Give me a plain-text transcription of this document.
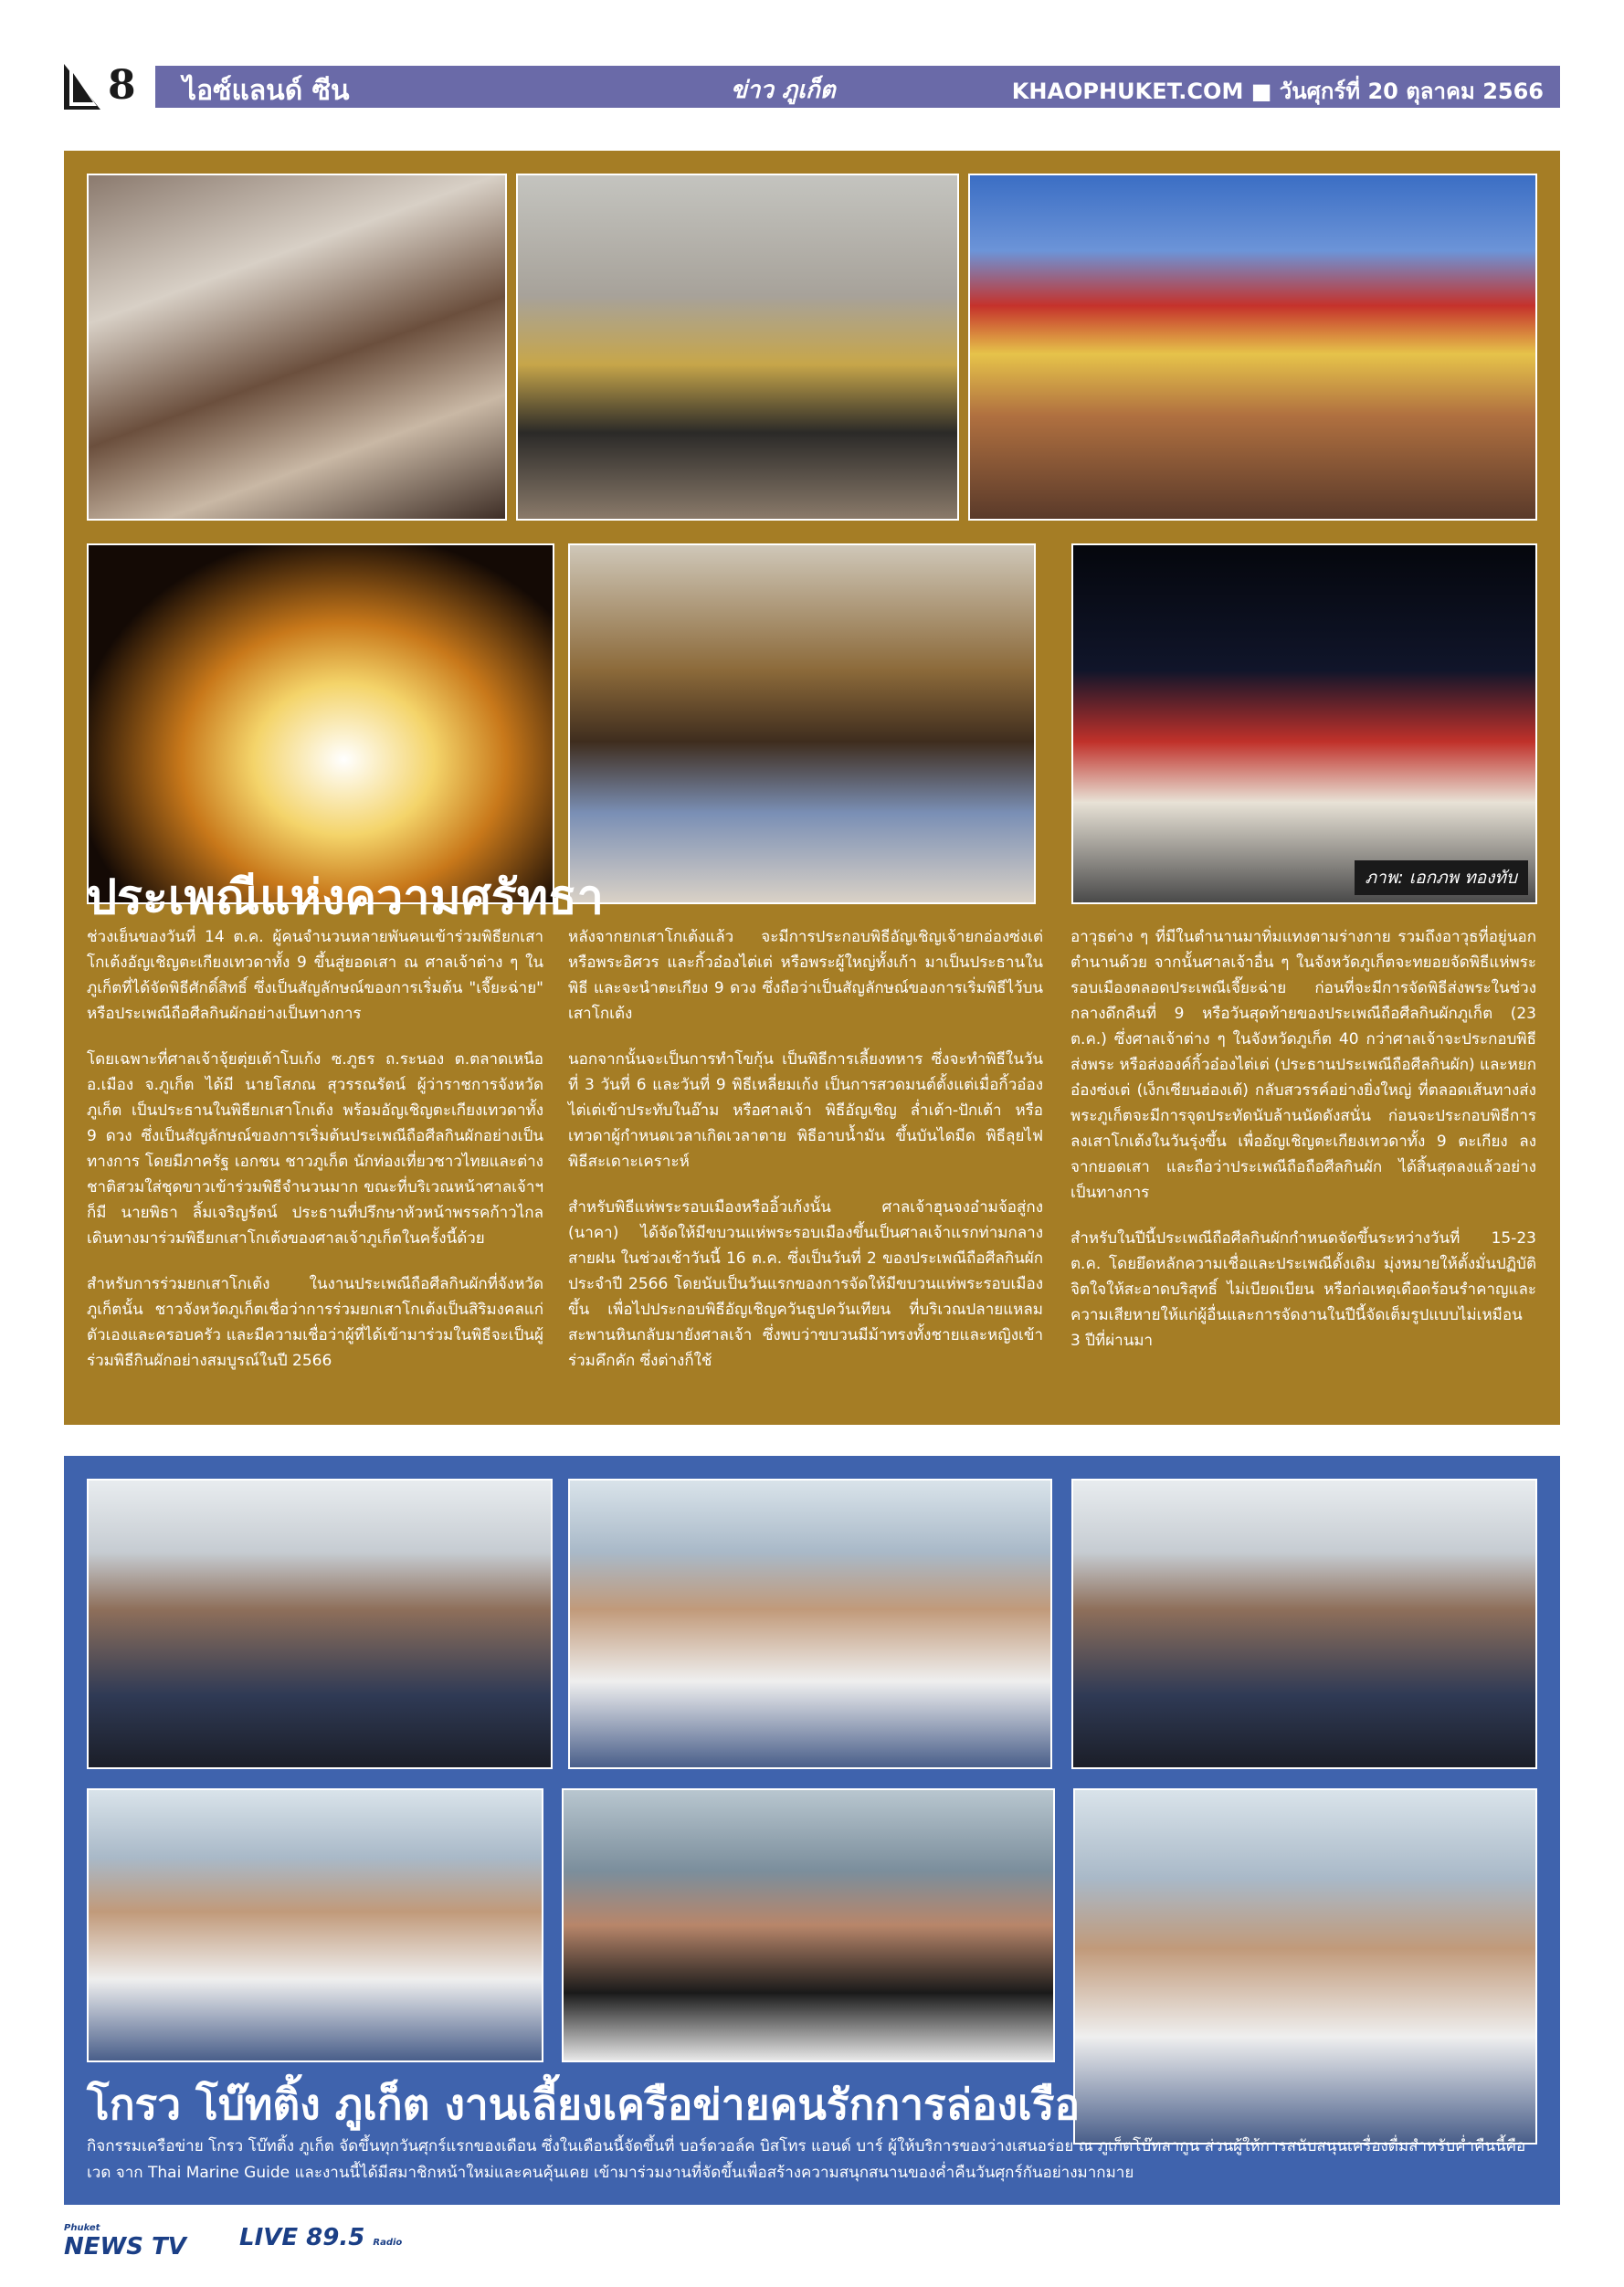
8 ไอซ์แลนด์ ซีน	ข่าว ภูเก็ต	KHAOPHUKET.COM ■ วันศุกร์ที่ 20 ตุลาคม 2566
ภาพ: เอกภพ ทองทับ
ประเพณีแห่งความศรัทธา

ช่วงเย็นของวันที่ 14 ต.ค. ผู้คนจำนวนหลายพันคนเข้าร่วมพิธียกเสาโกเต้งอัญเชิญตะเกียงเทวดาทั้ง 9 ขึ้นสู่ยอดเสา ณ ศาลเจ้าต่าง ๆ ในภูเก็ตที่ได้จัดพิธีศักดิ์สิทธิ์ ซึ่งเป็นสัญลักษณ์ของการเริ่มต้น "เจี๊ยะฉ่าย" หรือประเพณีถือศีลกินผักอย่างเป็นทางการ

โดยเฉพาะที่ศาลเจ้าจุ้ยตุ่ยเต้าโบเก้ง ซ.ภูธร ถ.ระนอง ต.ตลาดเหนือ อ.เมือง จ.ภูเก็ต ได้มี นายโสภณ สุวรรณรัตน์ ผู้ว่าราชการจังหวัดภูเก็ต เป็นประธานในพิธียกเสาโกเต้ง พร้อมอัญเชิญตะเกียงเทวดาทั้ง 9 ดวง ซึ่งเป็นสัญลักษณ์ของการเริ่มต้นประเพณีถือศีลกินผักอย่างเป็นทางการ โดยมีภาครัฐ เอกชน ชาวภูเก็ต นักท่องเที่ยวชาวไทยและต่างชาติสวมใส่ชุดขาวเข้าร่วมพิธีจำนวนมาก ขณะที่บริเวณหน้าศาลเจ้าฯ ก็มี นายพิธา ลิ้มเจริญรัตน์ ประธานที่ปรึกษาหัวหน้าพรรคก้าวไกล เดินทางมาร่วมพิธียกเสาโกเต้งของศาลเจ้าภูเก็ตในครั้งนี้ด้วย

สำหรับการร่วมยกเสาโกเต้ง ในงานประเพณีถือศีลกินผักที่จังหวัดภูเก็ตนั้น ชาวจังหวัดภูเก็ตเชื่อว่าการร่วมยกเสาโกเต้งเป็นสิริมงคลแก่ตัวเองและครอบครัว และมีความเชื่อว่าผู้ที่ได้เข้ามาร่วมในพิธีจะเป็นผู้ร่วมพิธีกินผักอย่างสมบูรณ์ในปี 2566

หลังจากยกเสาโกเต้งแล้ว จะมีการประกอบพิธีอัญเชิญเจ้ายกอ่องซ่งเต่ หรือพระอิศวร และกิ้วอ๋องไต่เต่ หรือพระผู้ใหญ่ทั้งเก้า มาเป็นประธานในพิธี และจะนำตะเกียง 9 ดวง ซึ่งถือว่าเป็นสัญลักษณ์ของการเริ่มพิธีไว้บนเสาโกเต้ง

นอกจากนั้นจะเป็นการทำโขกุ้น เป็นพิธีการเลี้ยงทหาร ซึ่งจะทำพิธีในวันที่ 3 วันที่ 6 และวันที่ 9 พิธีเหลี่ยมเก้ง เป็นการสวดมนต์ตั้งแต่เมื่อกิ้วอ๋องไต่เต่เข้าประทับในอ๊าม หรือศาลเจ้า พิธีอัญเชิญ ล่ำเต้า-ปักเต้า หรือเทวดาผู้กำหนดเวลาเกิดเวลาตาย พิธีอาบน้ำมัน ขึ้นบันไดมีด พิธีลุยไฟ พิธีสะเดาะเคราะห์

สำหรับพิธีแห่พระรอบเมืองหรืออิ้วเก้งนั้น ศาลเจ้าฮุนจงอ๋ามจ้อสู่กง (นาคา) ได้จัดให้มีขบวนแห่พระรอบเมืองขึ้นเป็นศาลเจ้าแรกท่ามกลางสายฝน ในช่วงเช้าวันนี้ 16 ต.ค. ซึ่งเป็นวันที่ 2 ของประเพณีถือศีลกินผักประจำปี 2566 โดยนับเป็นวันแรกของการจัดให้มีขบวนแห่พระรอบเมืองขึ้น เพื่อไปประกอบพิธีอัญเชิญควันธูปควันเทียน ที่บริเวณปลายแหลมสะพานหินกลับมายังศาลเจ้า ซึ่งพบว่าขบวนมีม้าทรงทั้งชายและหญิงเข้าร่วมคึกคัก ซึ่งต่างก็ใช้

อาวุธต่าง ๆ ที่มีในตำนานมาทิ่มแทงตามร่างกาย รวมถึงอาวุธที่อยู่นอกตำนานด้วย จากนั้นศาลเจ้าอื่น ๆ ในจังหวัดภูเก็ตจะทยอยจัดพิธีแห่พระรอบเมืองตลอดประเพณีเจี๊ยะฉ่าย ก่อนที่จะมีการจัดพิธีส่งพระในช่วงกลางดึกคืนที่ 9 หรือวันสุดท้ายของประเพณีถือศีลกินผักภูเก็ต (23 ต.ค.) ซึ่งศาลเจ้าต่าง ๆ ในจังหวัดภูเก็ต 40 กว่าศาลเจ้าจะประกอบพิธีส่งพระ หรือส่งองค์กิ้วอ๋องไต่เต่ (ประธานประเพณีถือศีลกินผัก) และหยกอ๋องซ่งเต่ (เง็กเซียนฮ่องเต้) กลับสวรรค์อย่างยิ่งใหญ่ ที่ตลอดเส้นทางส่งพระภูเก็ตจะมีการจุดประทัดนับล้านนัดดังสนั่น ก่อนจะประกอบพิธีการลงเสาโกเต้งในวันรุ่งขึ้น เพื่ออัญเชิญตะเกียงเทวดาทั้ง 9 ตะเกียง ลงจากยอดเสา และถือว่าประเพณีถือถือศีลกินผัก ได้สิ้นสุดลงแล้วอย่างเป็นทางการ

สำหรับในปีนี้ประเพณีถือศีลกินผักกำหนดจัดขึ้นระหว่างวันที่ 15-23 ต.ค. โดยยึดหลักความเชื่อและประเพณีดั้งเดิม มุ่งหมายให้ตั้งมั่นปฏิบัติจิตใจให้สะอาดบริสุทธิ์ ไม่เบียดเบียน หรือก่อเหตุเดือดร้อนรำคาญและความเสียหายให้แก่ผู้อื่นและการจัดงานในปีนี้จัดเต็มรูปแบบไม่เหมือน 3 ปีที่ผ่านมา

โกรว โบ๊ทติ้ง ภูเก็ต งานเลี้ยงเครือข่ายคนรักการล่องเรือ
กิจกรรมเครือข่าย โกรว โบ๊ทติ้ง ภูเก็ต จัดขึ้นทุกวันศุกร์แรกของเดือน ซึ่งในเดือนนี้จัดขึ้นที่ บอร์ดวอล์ค บิสโทร แอนด์ บาร์ ผู้ให้บริการของว่างเสนอร่อย ณ ภูเก็ตโบ๊ทลากูน ส่วนผู้ให้การสนับสนุนเครื่องดื่มสำหรับค่ำคืนนี้คือ เวด จาก Thai Marine Guide และงานนี้ได้มีสมาชิกหน้าใหม่และคนคุ้นเคย เข้ามาร่วมงานที่จัดขึ้นเพื่อสร้างความสนุกสนานของค่ำคืนวันศุกร์กันอย่างมากมาย
Phuket
NEWS TV LIVE 89.5 Radio
